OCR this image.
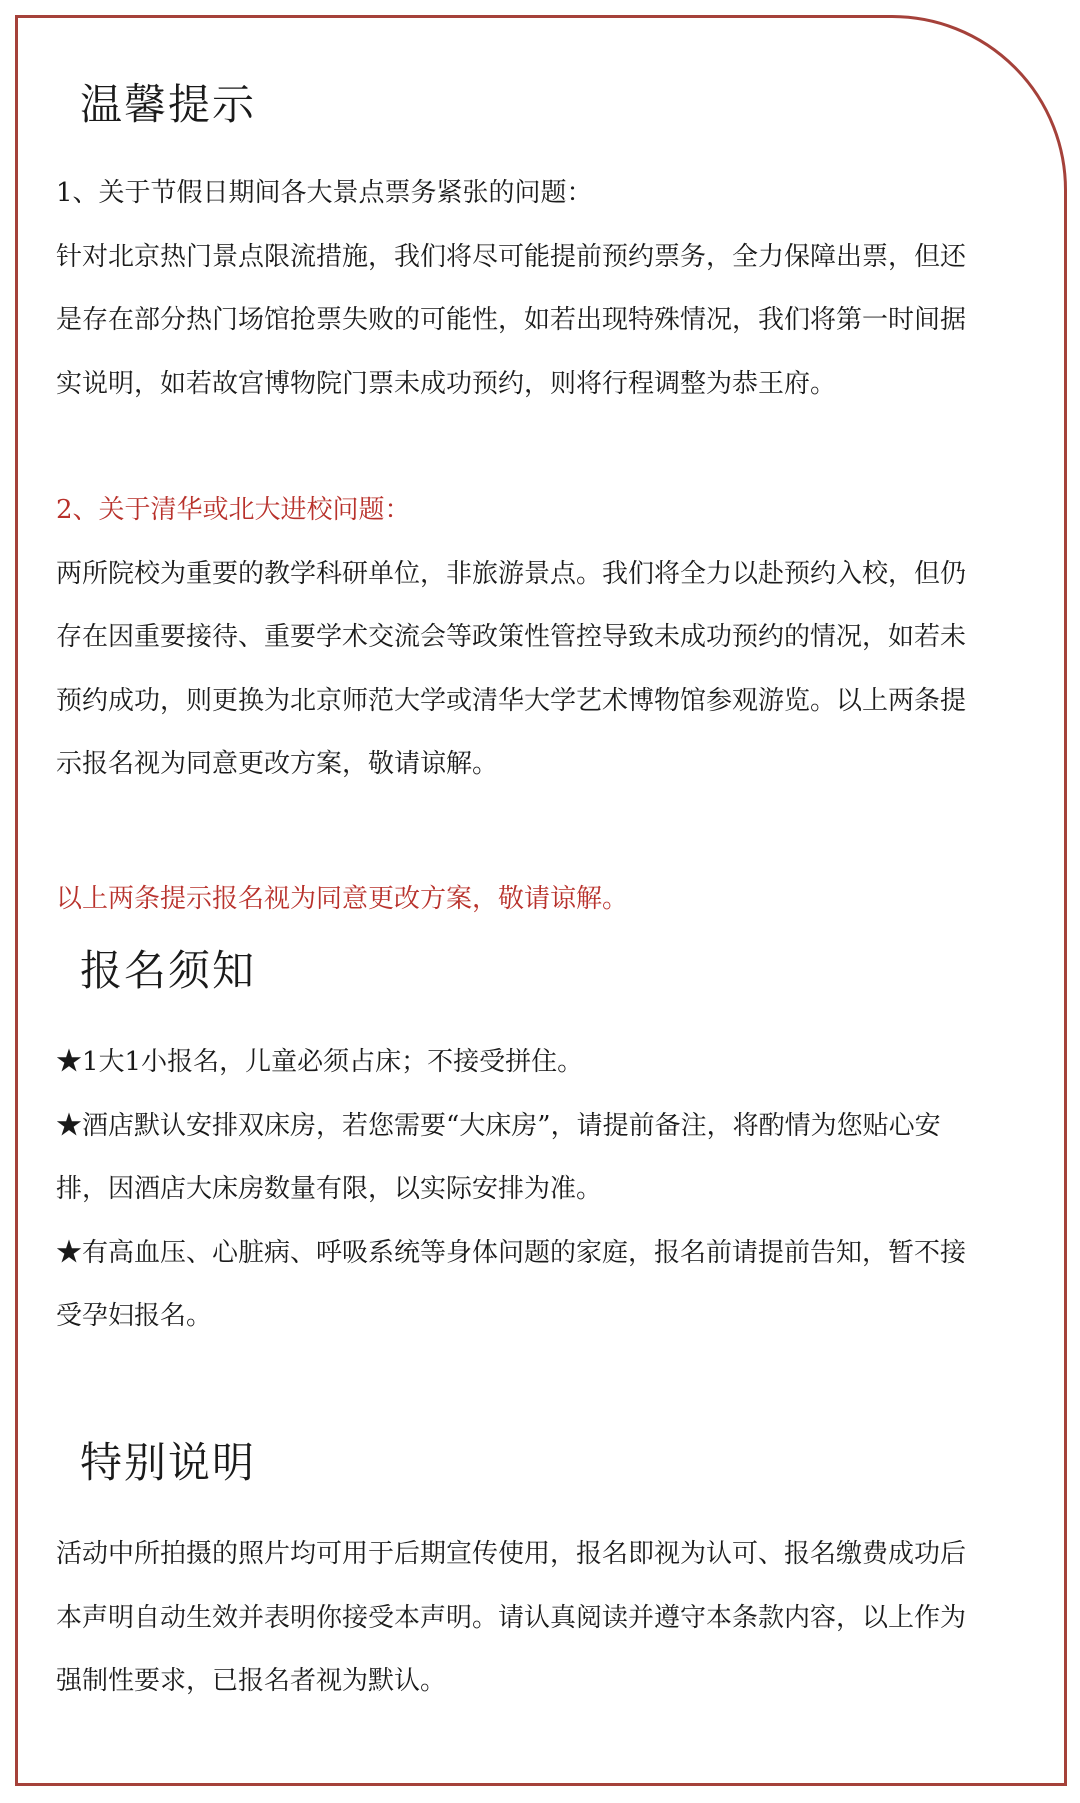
温馨提示
1、关于节假日期间各大景点票务紧张的问题：
针对北京热门景点限流措施，我们将尽可能提前预约票务，全力保障出票，但还
是存在部分热门场馆抢票失败的可能性，如若出现特殊情况，我们将第一时间据
实说明，如若故宫博物院门票未成功预约，则将行程调整为恭王府。
2、关于清华或北大进校问题：
两所院校为重要的教学科研单位，非旅游景点。我们将全力以赴预约入校，但仍
存在因重要接待、重要学术交流会等政策性管控导致未成功预约的情况，如若未
预约成功，则更换为北京师范大学或清华大学艺术博物馆参观游览。以上两条提
示报名视为同意更改方案，敬请谅解。
以上两条提示报名视为同意更改方案，敬请谅解。
报名须知
★1大1小报名，儿童必须占床；不接受拼住。
★酒店默认安排双床房，若您需要“大床房”，请提前备注，将酌情为您贴心安
排，因酒店大床房数量有限，以实际安排为准。
★有高血压、心脏病、呼吸系统等身体问题的家庭，报名前请提前告知，暂不接
受孕妇报名。
特别说明
活动中所拍摄的照片均可用于后期宣传使用，报名即视为认可、报名缴费成功后
本声明自动生效并表明你接受本声明。请认真阅读并遵守本条款内容，以上作为
强制性要求，已报名者视为默认。
